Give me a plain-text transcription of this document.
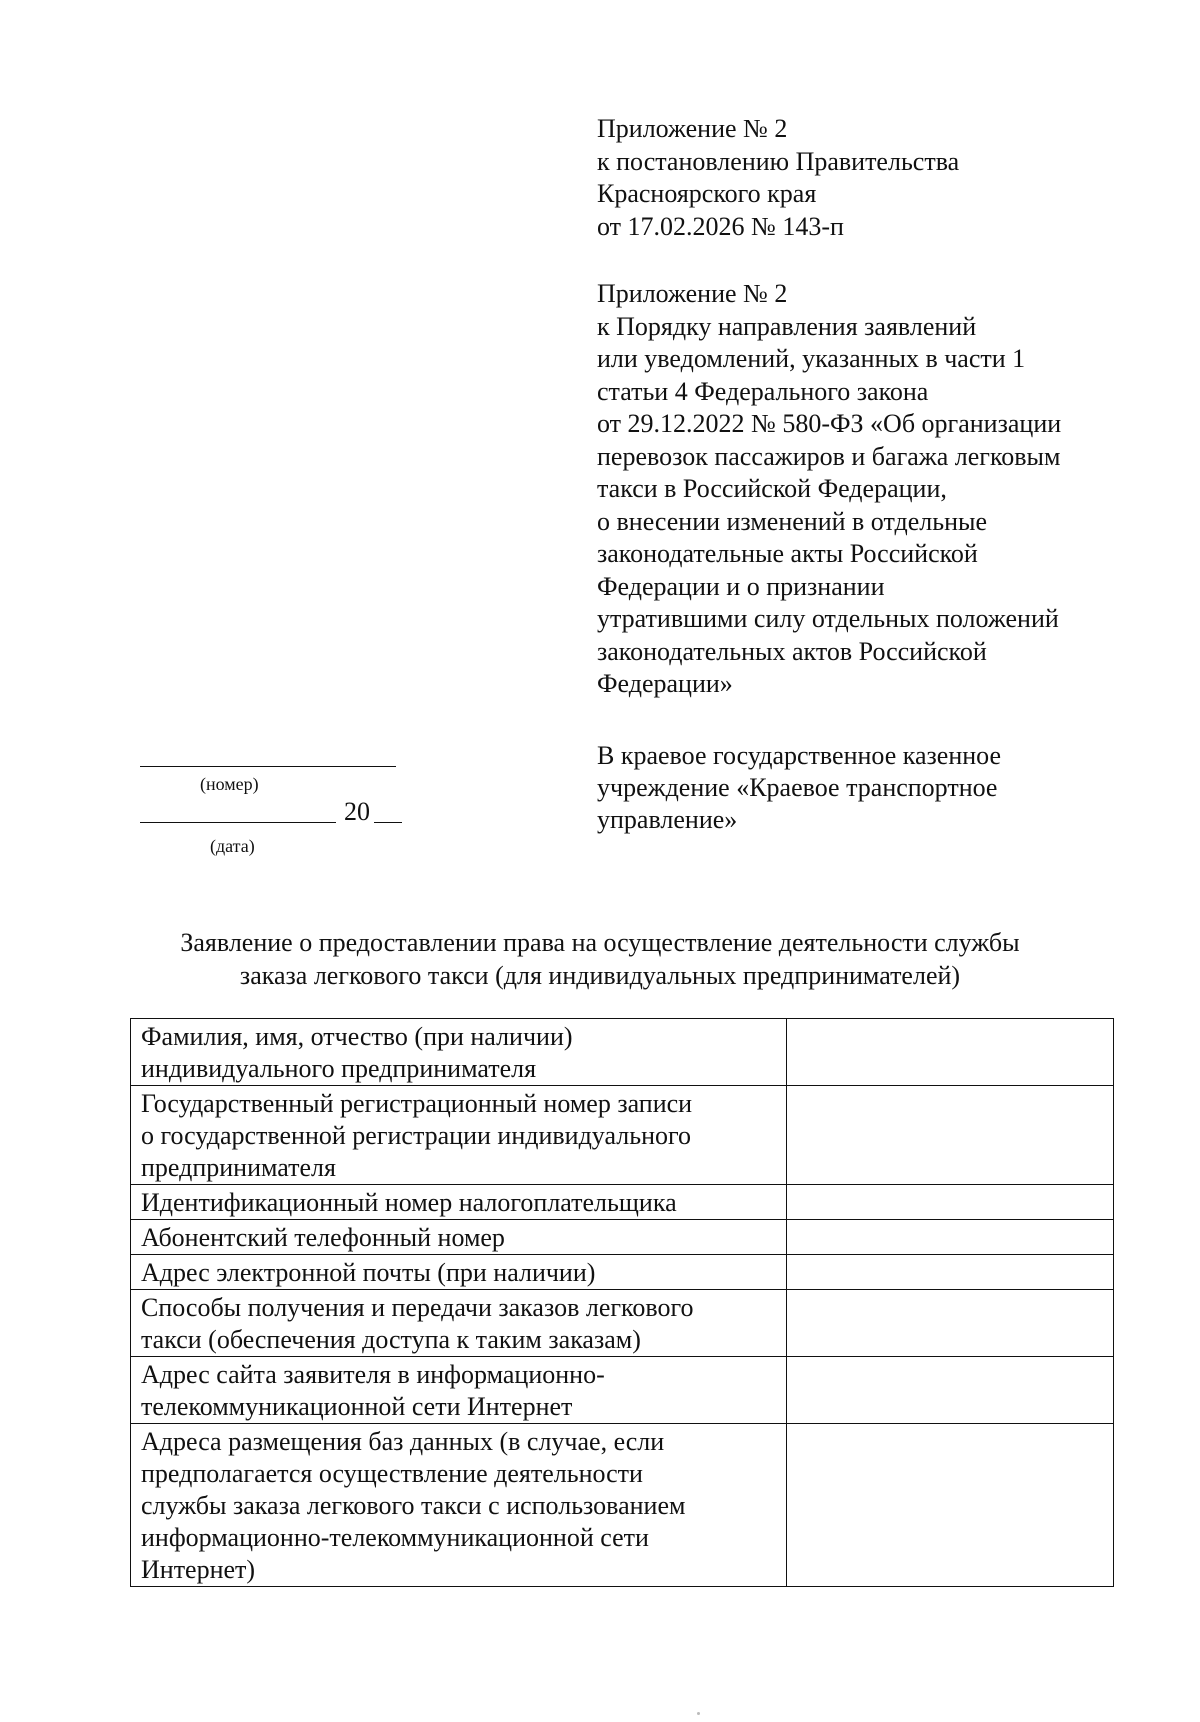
Приложение № 2
к постановлению Правительства
Красноярского края
от 17.02.2026 № 143-п
Приложение № 2
к Порядку направления заявлений
или уведомлений, указанных в части 1
статьи 4 Федерального закона
от 29.12.2022 № 580-ФЗ «Об организации
перевозок пассажиров и багажа легковым
такси в Российской Федерации,
о внесении изменений в отдельные
законодательные акты Российской
Федерации и о признании
утратившими силу отдельных положений
законодательных актов Российской
Федерации»
В краевое государственное казенное
учреждение «Краевое транспортное
управление»
(номер)
20
(дата)
Заявление о предоставлении права на осуществление деятельности службы
заказа легкового такси (для индивидуальных предпринимателей)
Фамилия, имя, отчество (при наличии)
индивидуального предпринимателя	

Государственный регистрационный номер записи
о государственной регистрации индивидуального
предпринимателя	

Идентификационный номер налогоплательщика	

Абонентский телефонный номер	

Адрес электронной почты (при наличии)	

Способы получения и передачи заказов легкового
такси (обеспечения доступа к таким заказам)	

Адрес сайта заявителя в информационно-
телекоммуникационной сети Интернет	

Адреса размещения баз данных (в случае, если
предполагается осуществление деятельности
службы заказа легкового такси с использованием
информационно-телекоммуникационной сети
Интернет)	
